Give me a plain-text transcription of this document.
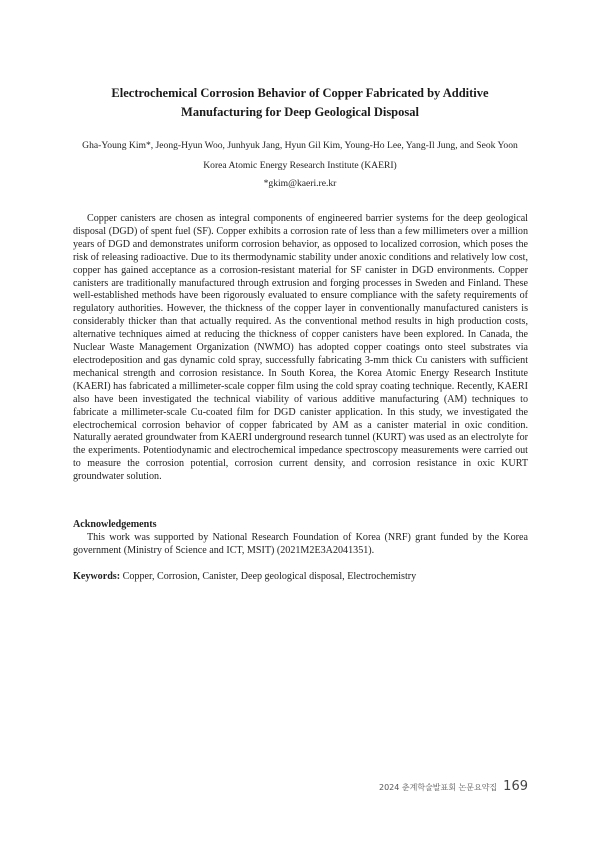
Electrochemical Corrosion Behavior of Copper Fabricated by Additive
Manufacturing for Deep Geological Disposal
Gha-Young Kim*, Jeong-Hyun Woo, Junhyuk Jang, Hyun Gil Kim, Young-Ho Lee, Yang-Il Jung, and Seok Yoon
Korea Atomic Energy Research Institute (KAERI)
*gkim@kaeri.re.kr

Copper canisters are chosen as integral components of engineered barrier systems for the deep geological disposal (DGD) of spent fuel (SF). Copper exhibits a corrosion rate of less than a few millimeters over a million years of DGD and demonstrates uniform corrosion behavior, as opposed to localized corrosion, which poses the risk of releasing radioactive. Due to its thermodynamic stability under anoxic conditions and relatively low cost, copper has gained acceptance as a corrosion-resistant material for SF canister in DGD environments. Copper canisters are traditionally manufactured through extrusion and forging processes in Sweden and Finland. These well-established methods have been rigorously evaluated to ensure compliance with the safety requirements of regulatory authorities. However, the thickness of the copper layer in conventionally manufactured canisters is considerably thicker than that actually required. As the conventional method results in high production costs, alternative techniques aimed at reducing the thickness of copper canisters have been explored. In Canada, the Nuclear Waste Management Organization (NWMO) has adopted copper coatings onto steel substrates via electrodeposition and gas dynamic cold spray, successfully fabricating 3-mm thick Cu canisters with sufficient mechanical strength and corrosion resistance. In South Korea, the Korea Atomic Energy Research Institute (KAERI) has fabricated a millimeter-scale copper film using the cold spray coating technique. Recently, KAERI also have been investigated the technical viability of various additive manufacturing (AM) techniques to fabricate a millimeter-scale Cu-coated film for DGD canister application. In this study, we investigated the electrochemical corrosion behavior of copper fabricated by AM as a canister material in oxic condition. Naturally aerated groundwater from KAERI underground research tunnel (KURT) was used as an electrolyte for the experiments. Potentiodynamic and electrochemical impedance spectroscopy measurements were carried out to measure the corrosion potential, corrosion current density, and corrosion resistance in oxic KURT groundwater solution.

Acknowledgements

This work was supported by National Research Foundation of Korea (NRF) grant funded by the Korea government (Ministry of Science and ICT, MSIT) (2021M2E3A2041351).

Keywords: Copper, Corrosion, Canister, Deep geological disposal, Electrochemistry

2024 춘계학술발표회 논문요약집 169
